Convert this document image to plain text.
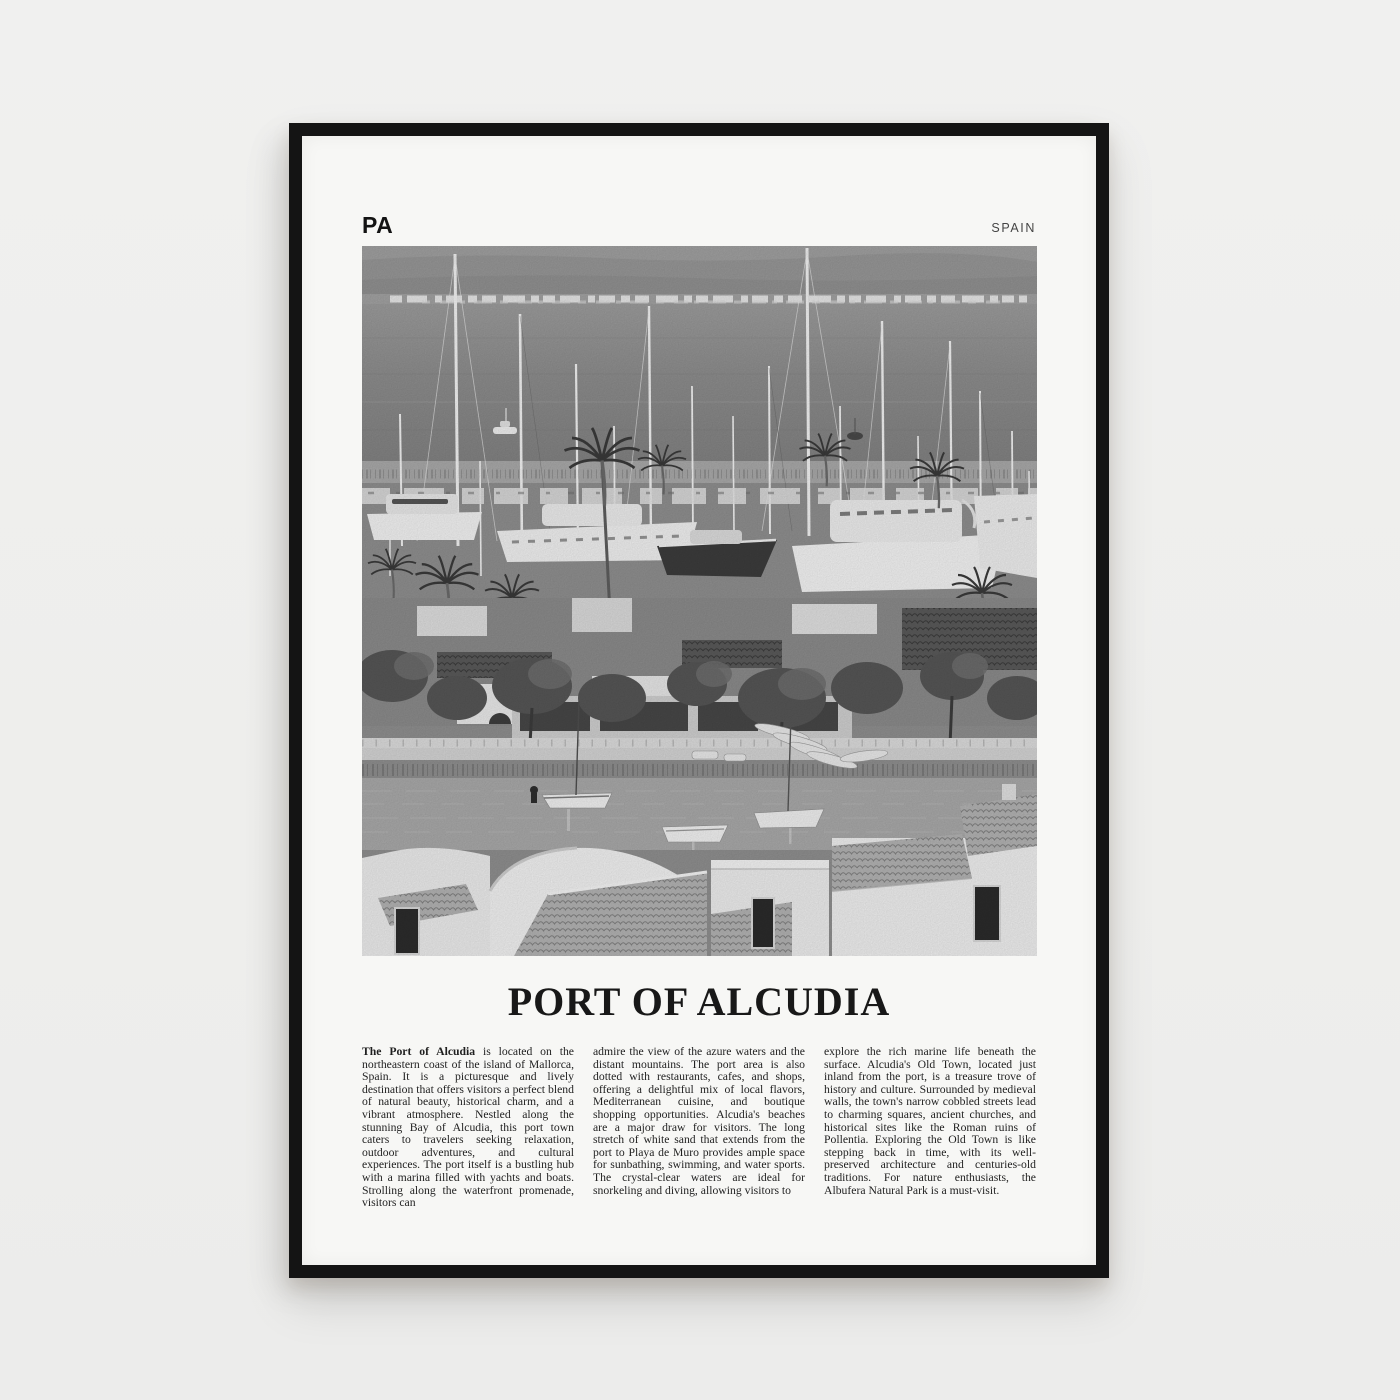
PA	SPAIN
PORT OF ALCUDIA

The Port of Alcudia is located on the northeastern coast of the island of Mallorca, Spain. It is a picturesque and lively destination that offers visitors a perfect blend of natural beauty, historical charm, and a vibrant atmosphere. Nestled along the stunning Bay of Alcudia, this port town caters to travelers seeking relaxation, outdoor adventures, and cultural experiences. The port itself is a bustling hub with a marina filled with yachts and boats. Strolling along the waterfront promenade, visitors can

admire the view of the azure waters and the distant mountains. The port area is also dotted with restaurants, cafes, and shops, offering a delightful mix of local flavors, Mediterranean cuisine, and boutique shopping opportunities. Alcudia's beaches are a major draw for visitors. The long stretch of white sand that extends from the port to Playa de Muro provides ample space for sunbathing, swimming, and water sports. The crystal-clear waters are ideal for snorkeling and diving, allowing visitors to

explore the rich marine life beneath the surface. Alcudia's Old Town, located just inland from the port, is a treasure trove of history and culture. Surrounded by medieval walls, the town's narrow cobbled streets lead to charming squares, ancient churches, and historical sites like the Roman ruins of Pollentia. Exploring the Old Town is like stepping back in time, with its well-preserved architecture and centuries-old traditions. For nature enthusiasts, the Albufera Natural Park is a must-visit.
